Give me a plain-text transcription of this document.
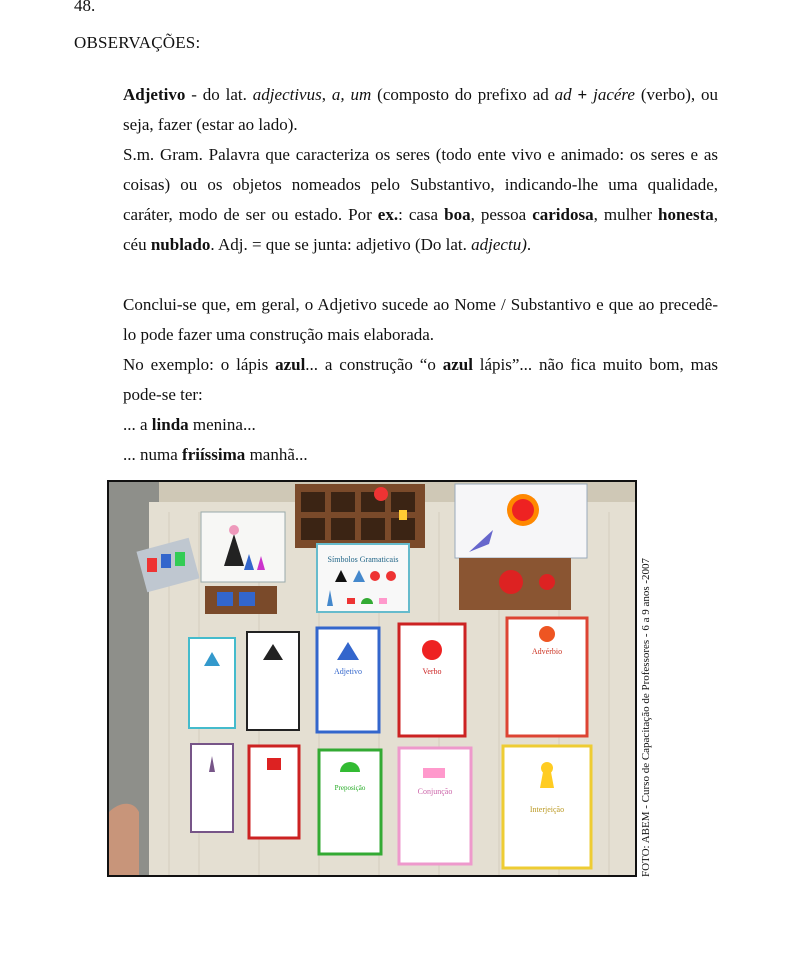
48.
OBSERVAÇÕES:

Adjetivo - do lat. adjectivus, a, um (composto do prefixo ad ad + jacére (verbo), ou seja, fazer (estar ao lado).

S.m. Gram. Palavra que caracteriza os seres (todo ente vivo e animado: os seres e as coisas) ou os objetos nomeados pelo Substantivo, indicando-lhe uma qualidade, caráter, modo de ser ou estado. Por ex.: casa boa, pessoa caridosa, mulher honesta, céu nublado. Adj. = que se junta: adjetivo (Do lat. adjectu).

Conclui-se que, em geral, o Adjetivo sucede ao Nome / Substantivo e que ao precedê-lo pode fazer uma construção mais elaborada.

No exemplo: o lápis azul... a construção “o azul lápis”... não fica muito bom, mas pode-se ter:

... a linda menina...

... numa friíssima manhã...

Símbolos Gramaticais
Adjetivo	Verbo
Advérbio
Preposição	Conjunção
Interjeição	FOTO: ABEM - Curso de Capacitação de Professores - 6 a 9 anos -2007
